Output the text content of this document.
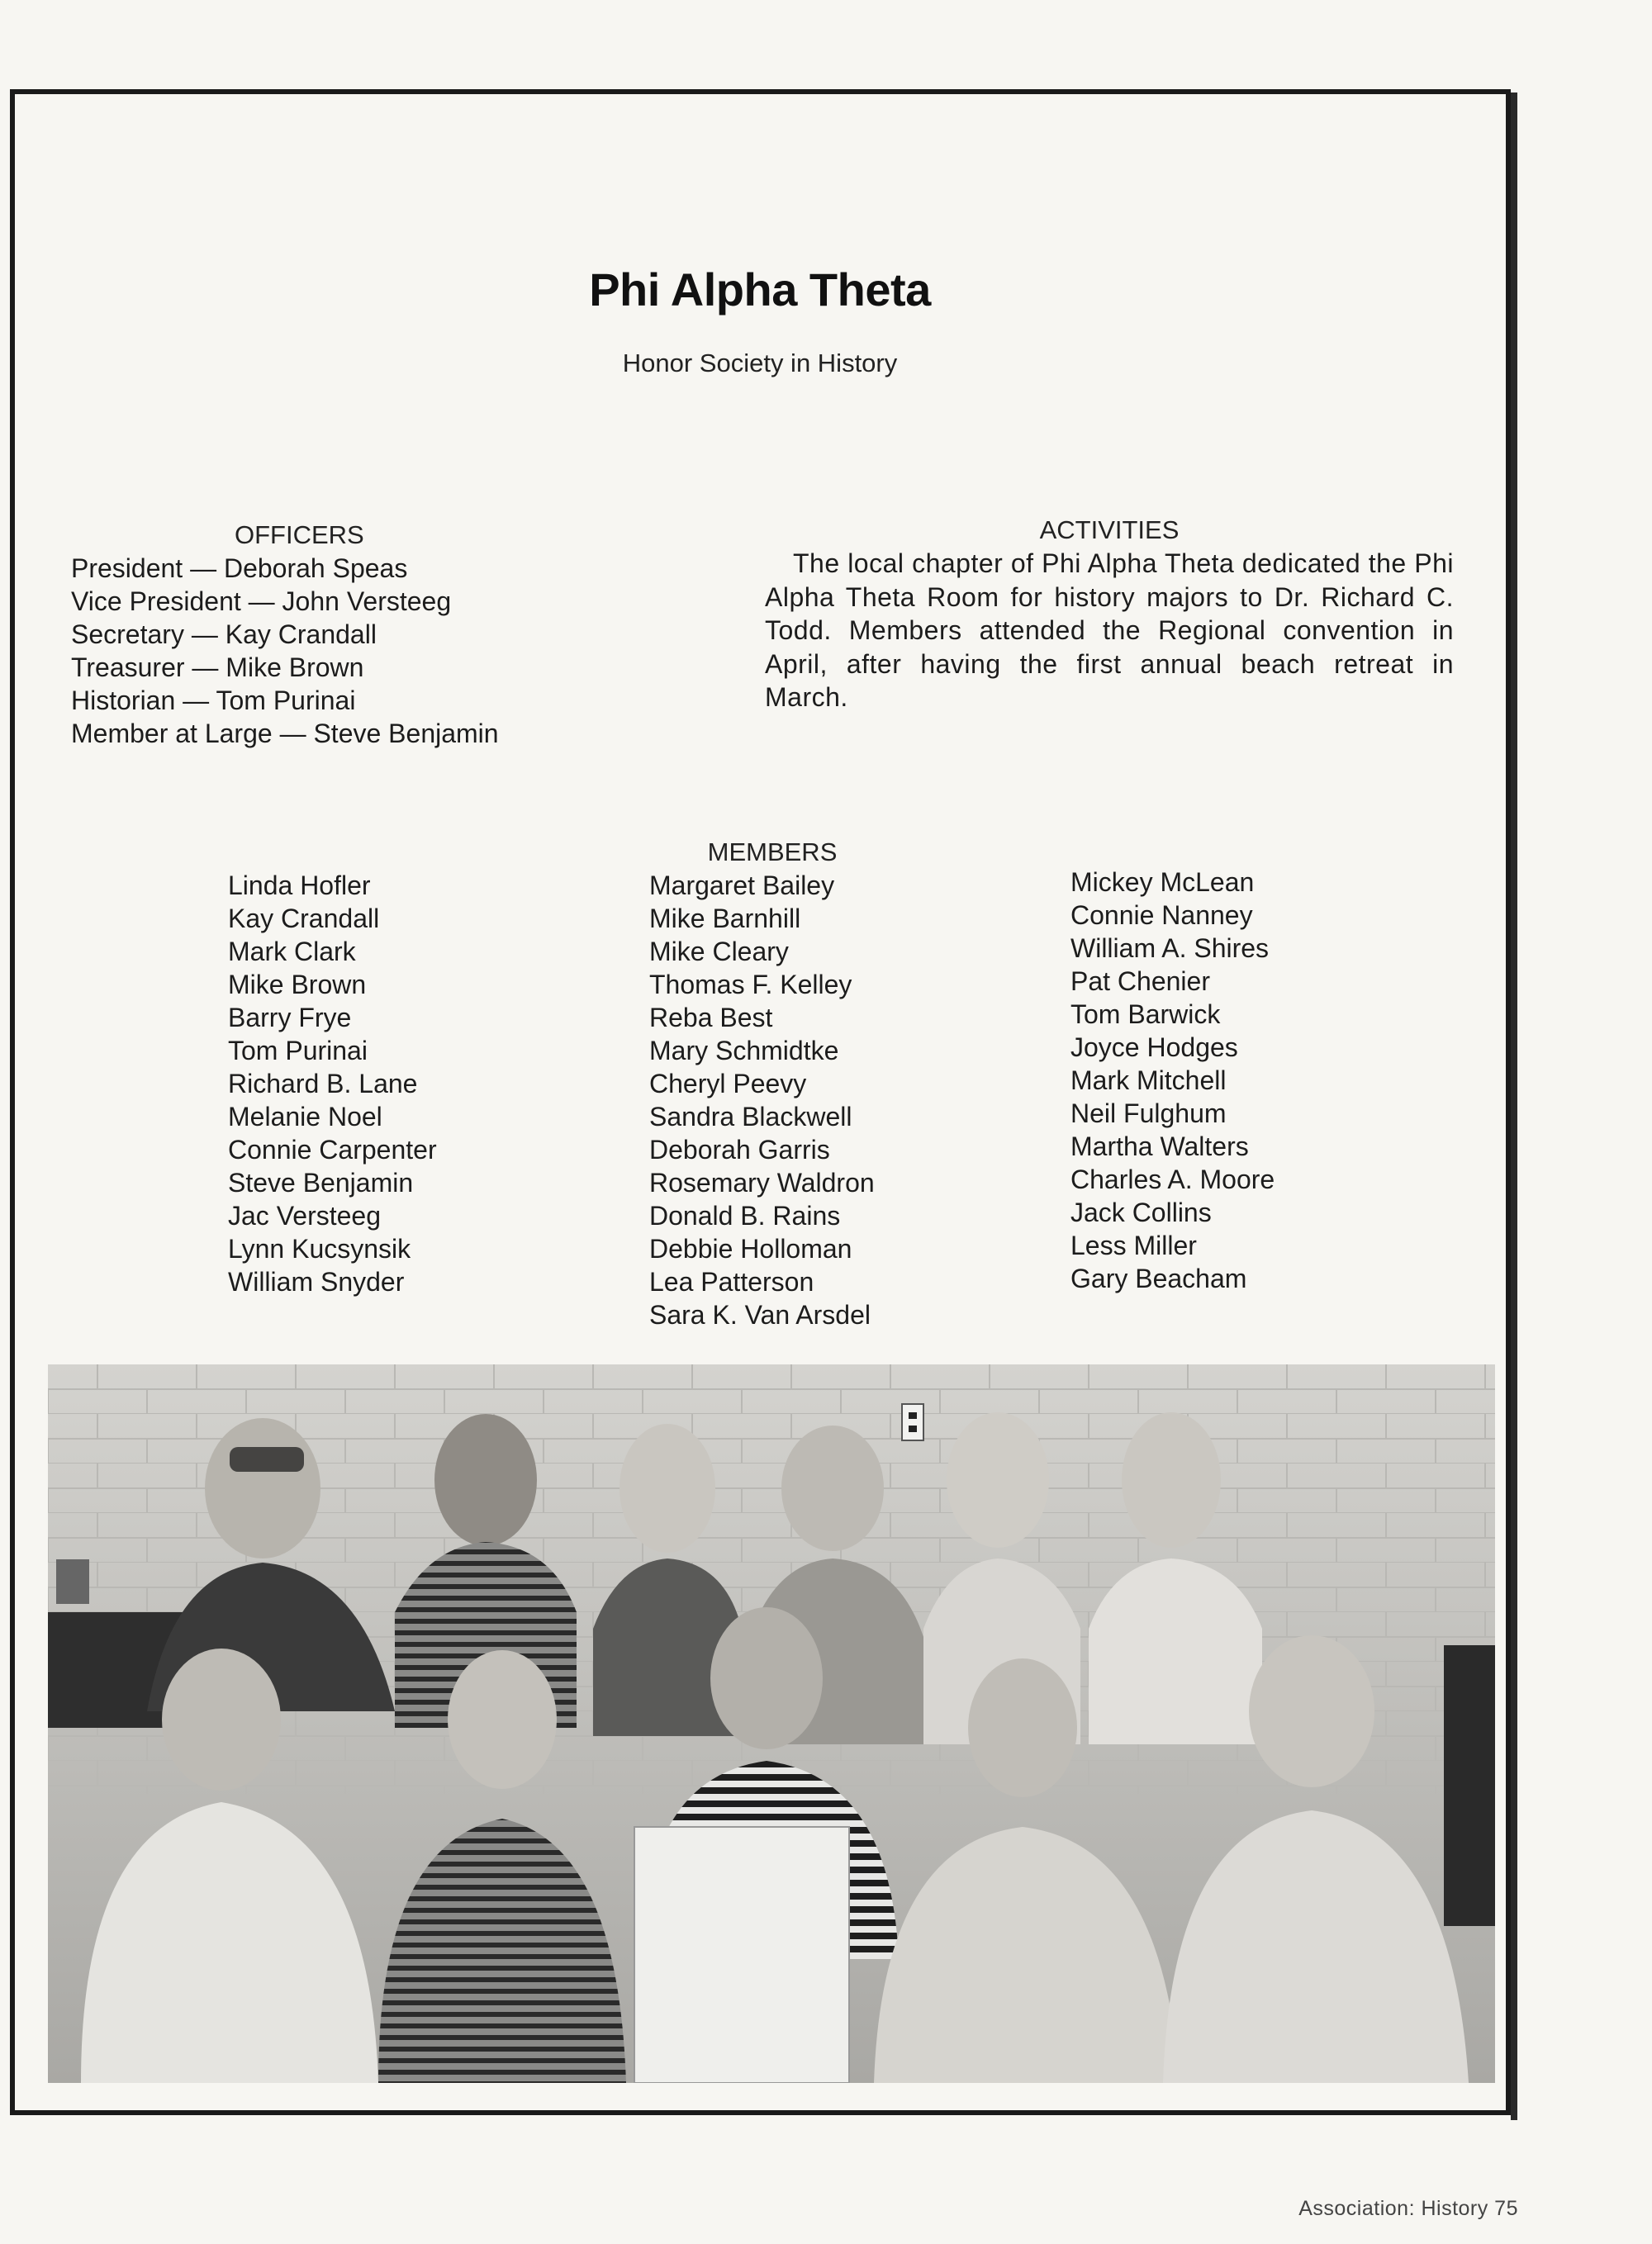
Phi Alpha Theta
Honor Society in History
OFFICERS
President — Deborah Speas
Vice President — John Versteeg
Secretary — Kay Crandall
Treasurer — Mike Brown
Historian — Tom Purinai
Member at Large — Steve Benjamin
ACTIVITIES

The local chapter of Phi Alpha Theta dedicated the Phi Alpha Theta Room for history majors to Dr. Richard C. Todd. Members attended the Regional convention in April, after having the first annual beach retreat in March.

MEMBERS
Linda Hofler
Kay Crandall
Mark Clark
Mike Brown
Barry Frye
Tom Purinai
Richard B. Lane
Melanie Noel
Connie Carpenter
Steve Benjamin
Jac Versteeg
Lynn Kucsynsik
William Snyder
Margaret Bailey
Mike Barnhill
Mike Cleary
Thomas F. Kelley
Reba Best
Mary Schmidtke
Cheryl Peevy
Sandra Blackwell
Deborah Garris
Rosemary Waldron
Donald B. Rains
Debbie Holloman
Lea Patterson
Sara K. Van Arsdel
Mickey McLean
Connie Nanney
William A. Shires
Pat Chenier
Tom Barwick
Joyce Hodges
Mark Mitchell
Neil Fulghum
Martha Walters
Charles A. Moore
Jack Collins
Less Miller
Gary Beacham
Association: History 75
